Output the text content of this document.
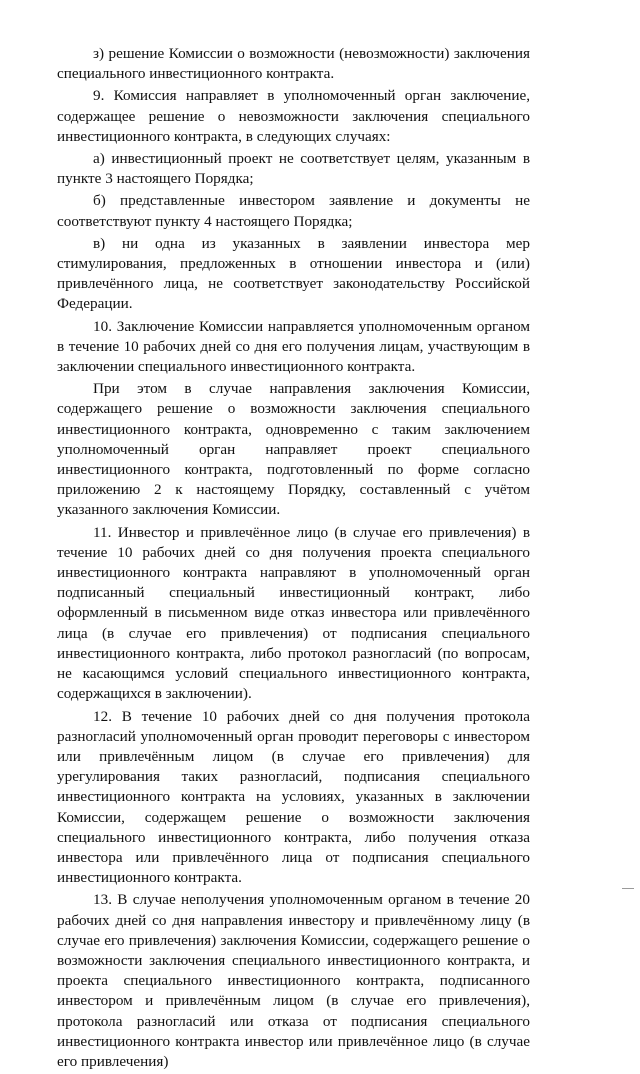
з) решение Комиссии о возможности (невозможности) заключения специального инвестиционного контракта.

9. Комиссия направляет в уполномоченный орган заключение, содержащее решение о невозможности заключения специального инвестиционного контракта, в следующих случаях:

а) инвестиционный проект не соответствует целям, указанным в пункте 3 настоящего Порядка;

б) представленные инвестором заявление и документы не соответствуют пункту 4 настоящего Порядка;

в) ни одна из указанных в заявлении инвестора мер стимулирования, предложенных в отношении инвестора и (или) привлечённого лица, не соответствует законодательству Российской Федерации.

10. Заключение Комиссии направляется уполномоченным органом в течение 10 рабочих дней со дня его получения лицам, участвующим в заключении специального инвестиционного контракта.

При этом в случае направления заключения Комиссии, содержащего решение о возможности заключения специального инвестиционного контракта, одновременно с таким заключением уполномоченный орган направляет проект специального инвестиционного контракта, подготовленный по форме согласно приложению 2 к настоящему Порядку, составленный с учётом указанного заключения Комиссии.

11. Инвестор и привлечённое лицо (в случае его привлечения) в течение 10 рабочих дней со дня получения проекта специального инвестиционного контракта направляют в уполномоченный орган подписанный специальный инвестиционный контракт, либо оформленный в письменном виде отказ инвестора или привлечённого лица (в случае его привлечения) от подписания специального инвестиционного контракта, либо протокол разногласий (по вопросам, не касающимся условий специального инвестиционного контракта, содержащихся в заключении).

12. В течение 10 рабочих дней со дня получения протокола разногласий уполномоченный орган проводит переговоры с инвестором или привлечённым лицом (в случае его привлечения) для урегулирования таких разногласий, подписания специального инвестиционного контракта на условиях, указанных в заключении Комиссии, содержащем решение о возможности заключения специального инвестиционного контракта, либо получения отказа инвестора или привлечённого лица от подписания специального инвестиционного контракта.

13. В случае неполучения уполномоченным органом в течение 20 рабочих дней со дня направления инвестору и привлечённому лицу (в случае его привлечения) заключения Комиссии, содержащего решение о возможности заключения специального инвестиционного контракта, и проекта специального инвестиционного контракта, подписанного инвестором и привлечённым лицом (в случае его привлечения), протокола разногласий или отказа от подписания специального инвестиционного контракта инвестор или привлечённое лицо (в случае его привлечения)
